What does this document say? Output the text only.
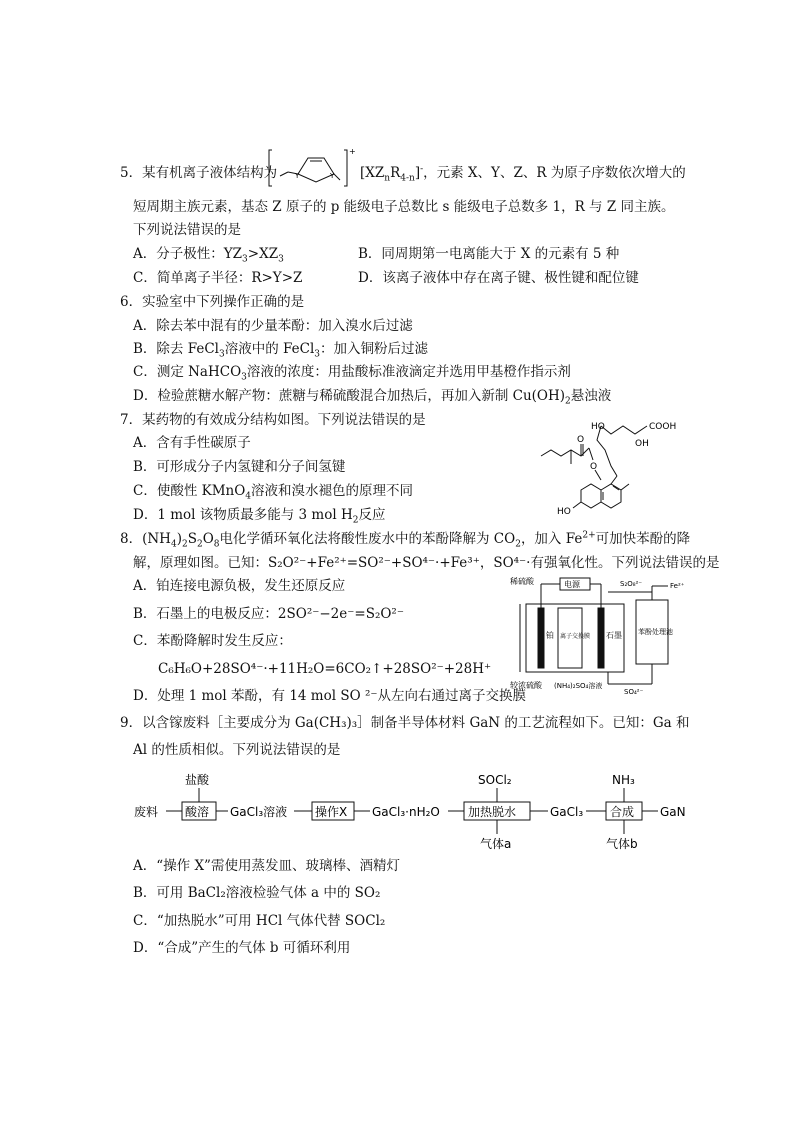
5．某有机离子液体结构为	Y	Y
+
$[XZ_nR_{4-n}]^-$，元素 X、Y、Z、R 为原子序数依次增大的
短周期主族元素，基态 Z 原子的 p 能级电子总数比 s 能级电子总数多 1，R 与 Z 同主族。
下列说法错误的是
A．分子极性：$YZ_3>XZ_3$	B．同周期第一电离能大于 X 的元素有 5 种
C．简单离子半径：R>Y>Z	D．该离子液体中存在离子键、极性键和配位键
6．实验室中下列操作正确的是
A．除去苯中混有的少量苯酚：加入溴水后过滤
B．除去 FeCl$_3$溶液中的 FeCl$_3$：加入铜粉后过滤
C．测定 NaHCO$_3$溶液的浓度：用盐酸标准液滴定并选用甲基橙作指示剂
D．检验蔗糖水解产物：蔗糖与稀硫酸混合加热后，再加入新制 $Cu(OH)_2$悬浊液
7．某药物的有效成分结构如图。下列说法错误的是
A．含有手性碳原子
B．可形成分子内氢键和分子间氢键
C．使酸性 KMnO$_4$溶液和溴水褪色的原理不同
D．1 mol 该物质最多能与 3 mol $H_2$反应
COOH
HO
OH
O
O
HO
8．$(NH_4)_2S_2O_8$电化学循环氧化法将酸性废水中的苯酚降解为 $CO_2$，加入 $Fe^{2+}$可加快苯酚的降
解，原理如图。已知：S₂O²⁻+Fe²⁺=SO²⁻+SO⁴⁻·+Fe³⁺，SO⁴⁻·有强氧化性。下列说法错误的是
A．铂连接电源负极，发生还原反应
B．石墨上的电极反应：2SO²⁻−2e⁻=S₂O²⁻
C．苯酚降解时发生反应：
C₆H₆O+28SO⁴⁻·+11H₂O=6CO₂↑+28SO²⁻+28H⁺
D．处理 1 mol 苯酚，有 14 mol SO ²⁻从左向右通过离子交换膜
稀硫酸	电源	S₂O₈²⁻	Fe²⁺
铂 离子交换膜 石墨 苯酚处理池
较浓硫酸 (NH₄)₂SO₄溶液
SO₄²⁻
9．以含镓废料［主要成分为 Ga(CH₃)₃］制备半导体材料 GaN 的工艺流程如下。已知：Ga 和
Al 的性质相似。下列说法错误的是
盐酸
废料 酸溶 GaCl₃溶液 操作X GaCl₃·nH₂O
SOCl₂
加热脱水
气体a
GaCl₃
NH₃
合成
气体b
GaN
A．“操作 X”需使用蒸发皿、玻璃棒、酒精灯
B．可用 BaCl₂溶液检验气体 a 中的 SO₂
C．“加热脱水”可用 HCl 气体代替 SOCl₂
D．“合成”产生的气体 b 可循环利用
